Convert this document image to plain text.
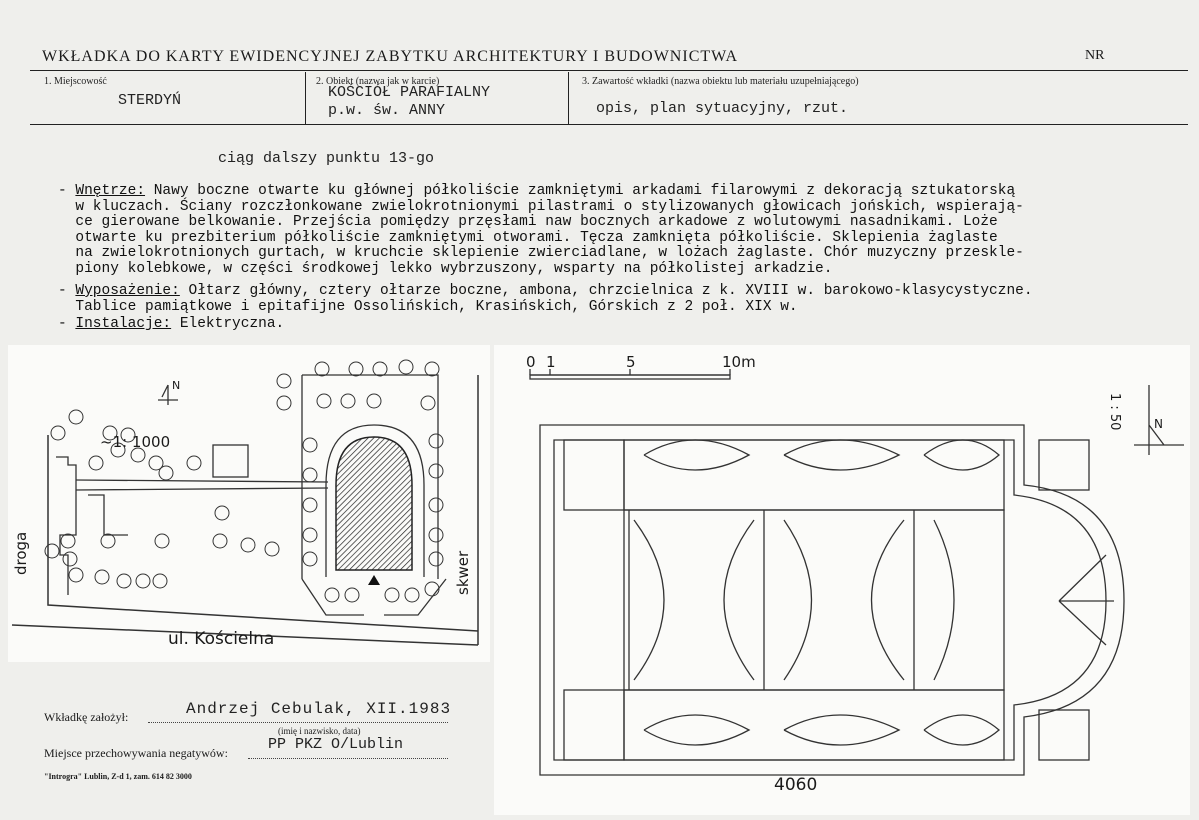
WKŁADKA DO KARTY EWIDENCYJNEJ ZABYTKU ARCHITEKTURY I BUDOWNICTWA	NR
1. Miejscowość
STERDYŃ
2. Obiekt (nazwa jak w karcie)
KOŚCIÓŁ PARAFIALNY
p.w. św. ANNY
3. Zawartość wkładki (nazwa obiektu lub materiału uzupełniającego)
opis, plan sytuacyjny, rzut.
ciąg dalszy punktu 13-go
- Wnętrze: Nawy boczne otwarte ku głównej półkoliście zamkniętymi arkadami filarowymi z dekoracją sztukatorską
w kluczach. Ściany rozczłonkowane zwielokrotnionymi pilastrami o stylizowanych głowicach jońskich, wspierają-
ce gierowane belkowanie. Przejścia pomiędzy przęsłami naw bocznych arkadowe z wolutowymi nasadnikami. Loże
otwarte ku prezbiterium półkoliście zamkniętymi otworami. Tęcza zamknięta półkoliście. Sklepienia żaglaste
na zwielokrotnionych gurtach, w kruchcie sklepienie zwierciadlane, w lożach żaglaste. Chór muzyczny przeskle-
piony kolebkowe, w części środkowej lekko wybrzuszony, wsparty na półkolistej arkadzie.
- Wyposażenie: Ołtarz główny, cztery ołtarze boczne, ambona, chrzcielnica z k. XVIII w. barokowo-klasycystyczne.
Tablice pamiątkowe i epitafijne Ossolińskich, Krasińskich, Górskich z 2 poł. XIX w.
- Instalacje: Elektryczna.
~1: 1000
N
droga	skwer
ul. Kościelna
0 1	5	10m
1 : 50	N
4060
Wkładkę założył:	Andrzej Cebulak, XII.1983
(imię i nazwisko, data)
Miejsce przechowywania negatywów:	PP PKZ O/Lublin
"Introgra" Lublin, Z-d 1, zam. 614 82 3000
